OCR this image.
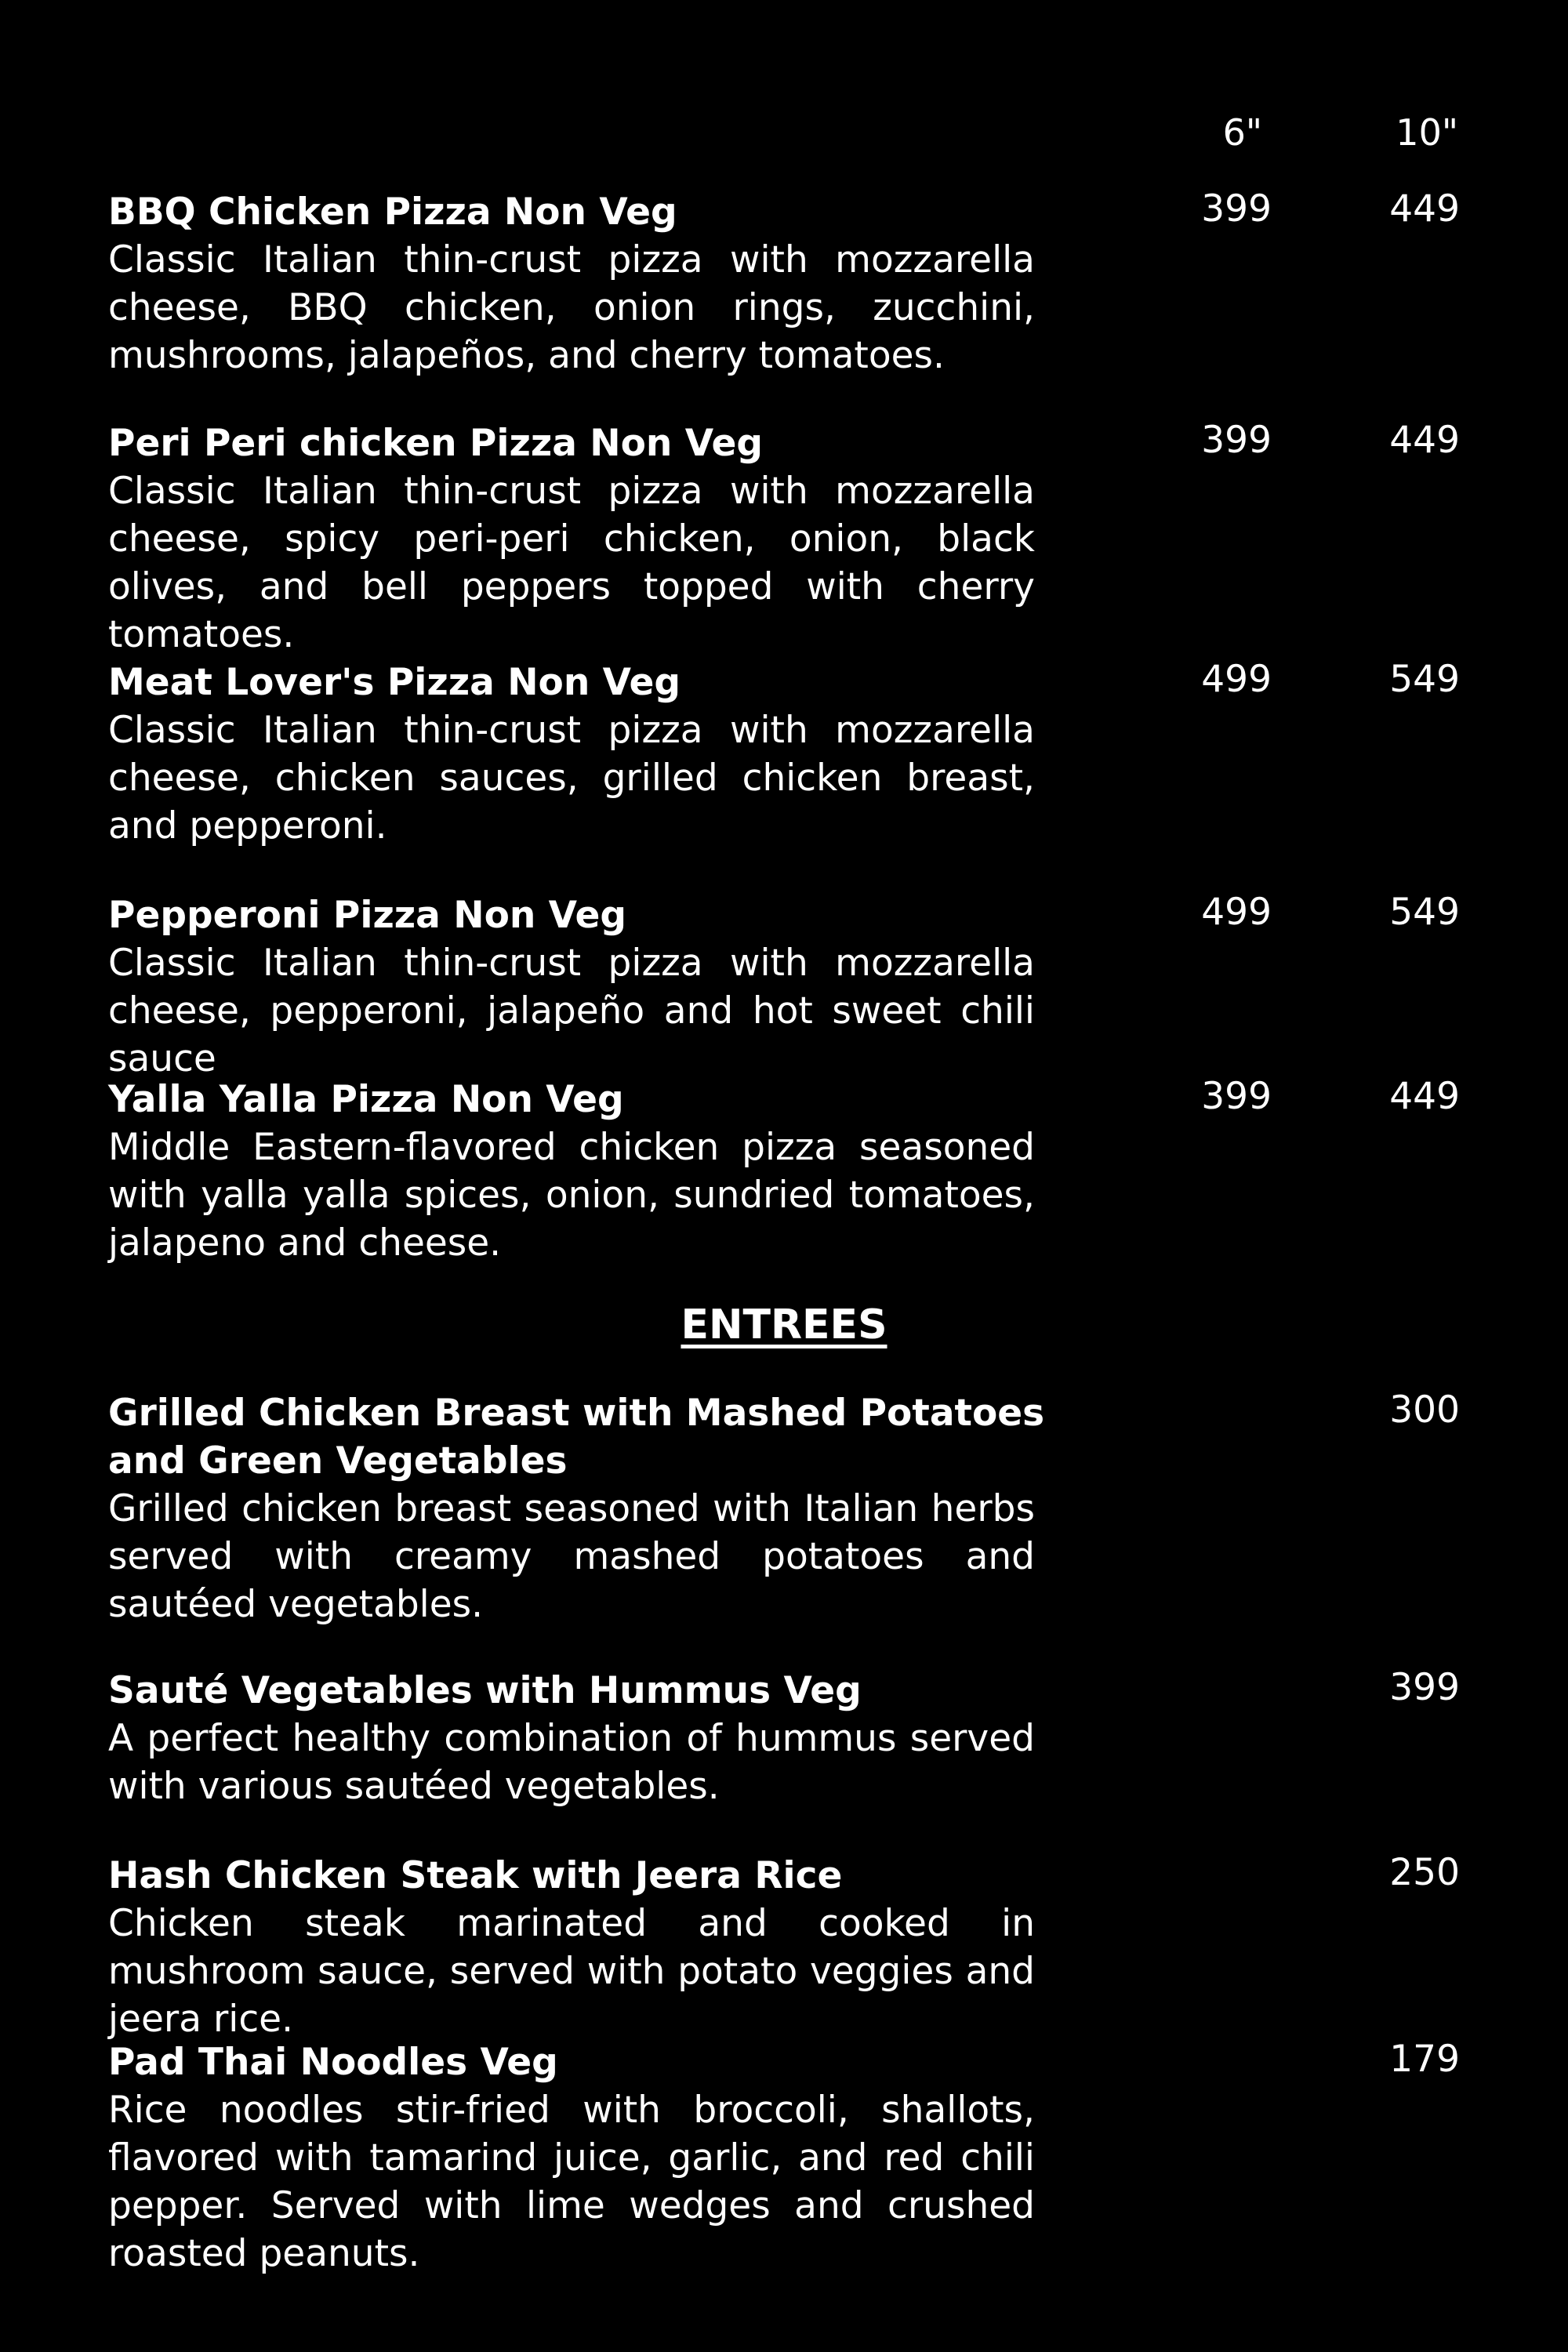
6"	10"
BBQ Chicken Pizza Non Veg
Classic Italian thin-crust pizza with mozzarella cheese, BBQ chicken, onion rings, zucchini, mushrooms, jalapeños, and cherry tomatoes.
399	449
Peri Peri chicken Pizza Non Veg
Classic Italian thin-crust pizza with mozzarella cheese, spicy peri-peri chicken, onion, black olives, and bell peppers topped with cherry tomatoes.
399	449
Meat Lover's Pizza Non Veg
Classic Italian thin-crust pizza with mozzarella cheese, chicken sauces, grilled chicken breast, and pepperoni.
499	549
Pepperoni Pizza Non Veg
Classic Italian thin-crust pizza with mozzarella cheese, pepperoni, jalapeño and hot sweet chili sauce
499	549
Yalla Yalla Pizza Non Veg
Middle Eastern-flavored chicken pizza seasoned with yalla yalla spices, onion, sundried tomatoes, jalapeno and cheese.
399	449
ENTREES
Grilled Chicken Breast with Mashed Potatoes
and Green Vegetables
Grilled chicken breast seasoned with Italian herbs served with creamy mashed potatoes and sautéed vegetables.
300
Sauté Vegetables with Hummus Veg
A perfect healthy combination of hummus served with various sautéed vegetables.
399
Hash Chicken Steak with Jeera Rice
Chicken steak marinated and cooked in mushroom sauce, served with potato veggies and jeera rice.
250
Pad Thai Noodles Veg
Rice noodles stir-fried with broccoli, shallots, flavored with tamarind juice, garlic, and red chili pepper. Served with lime wedges and crushed roasted peanuts.
179
